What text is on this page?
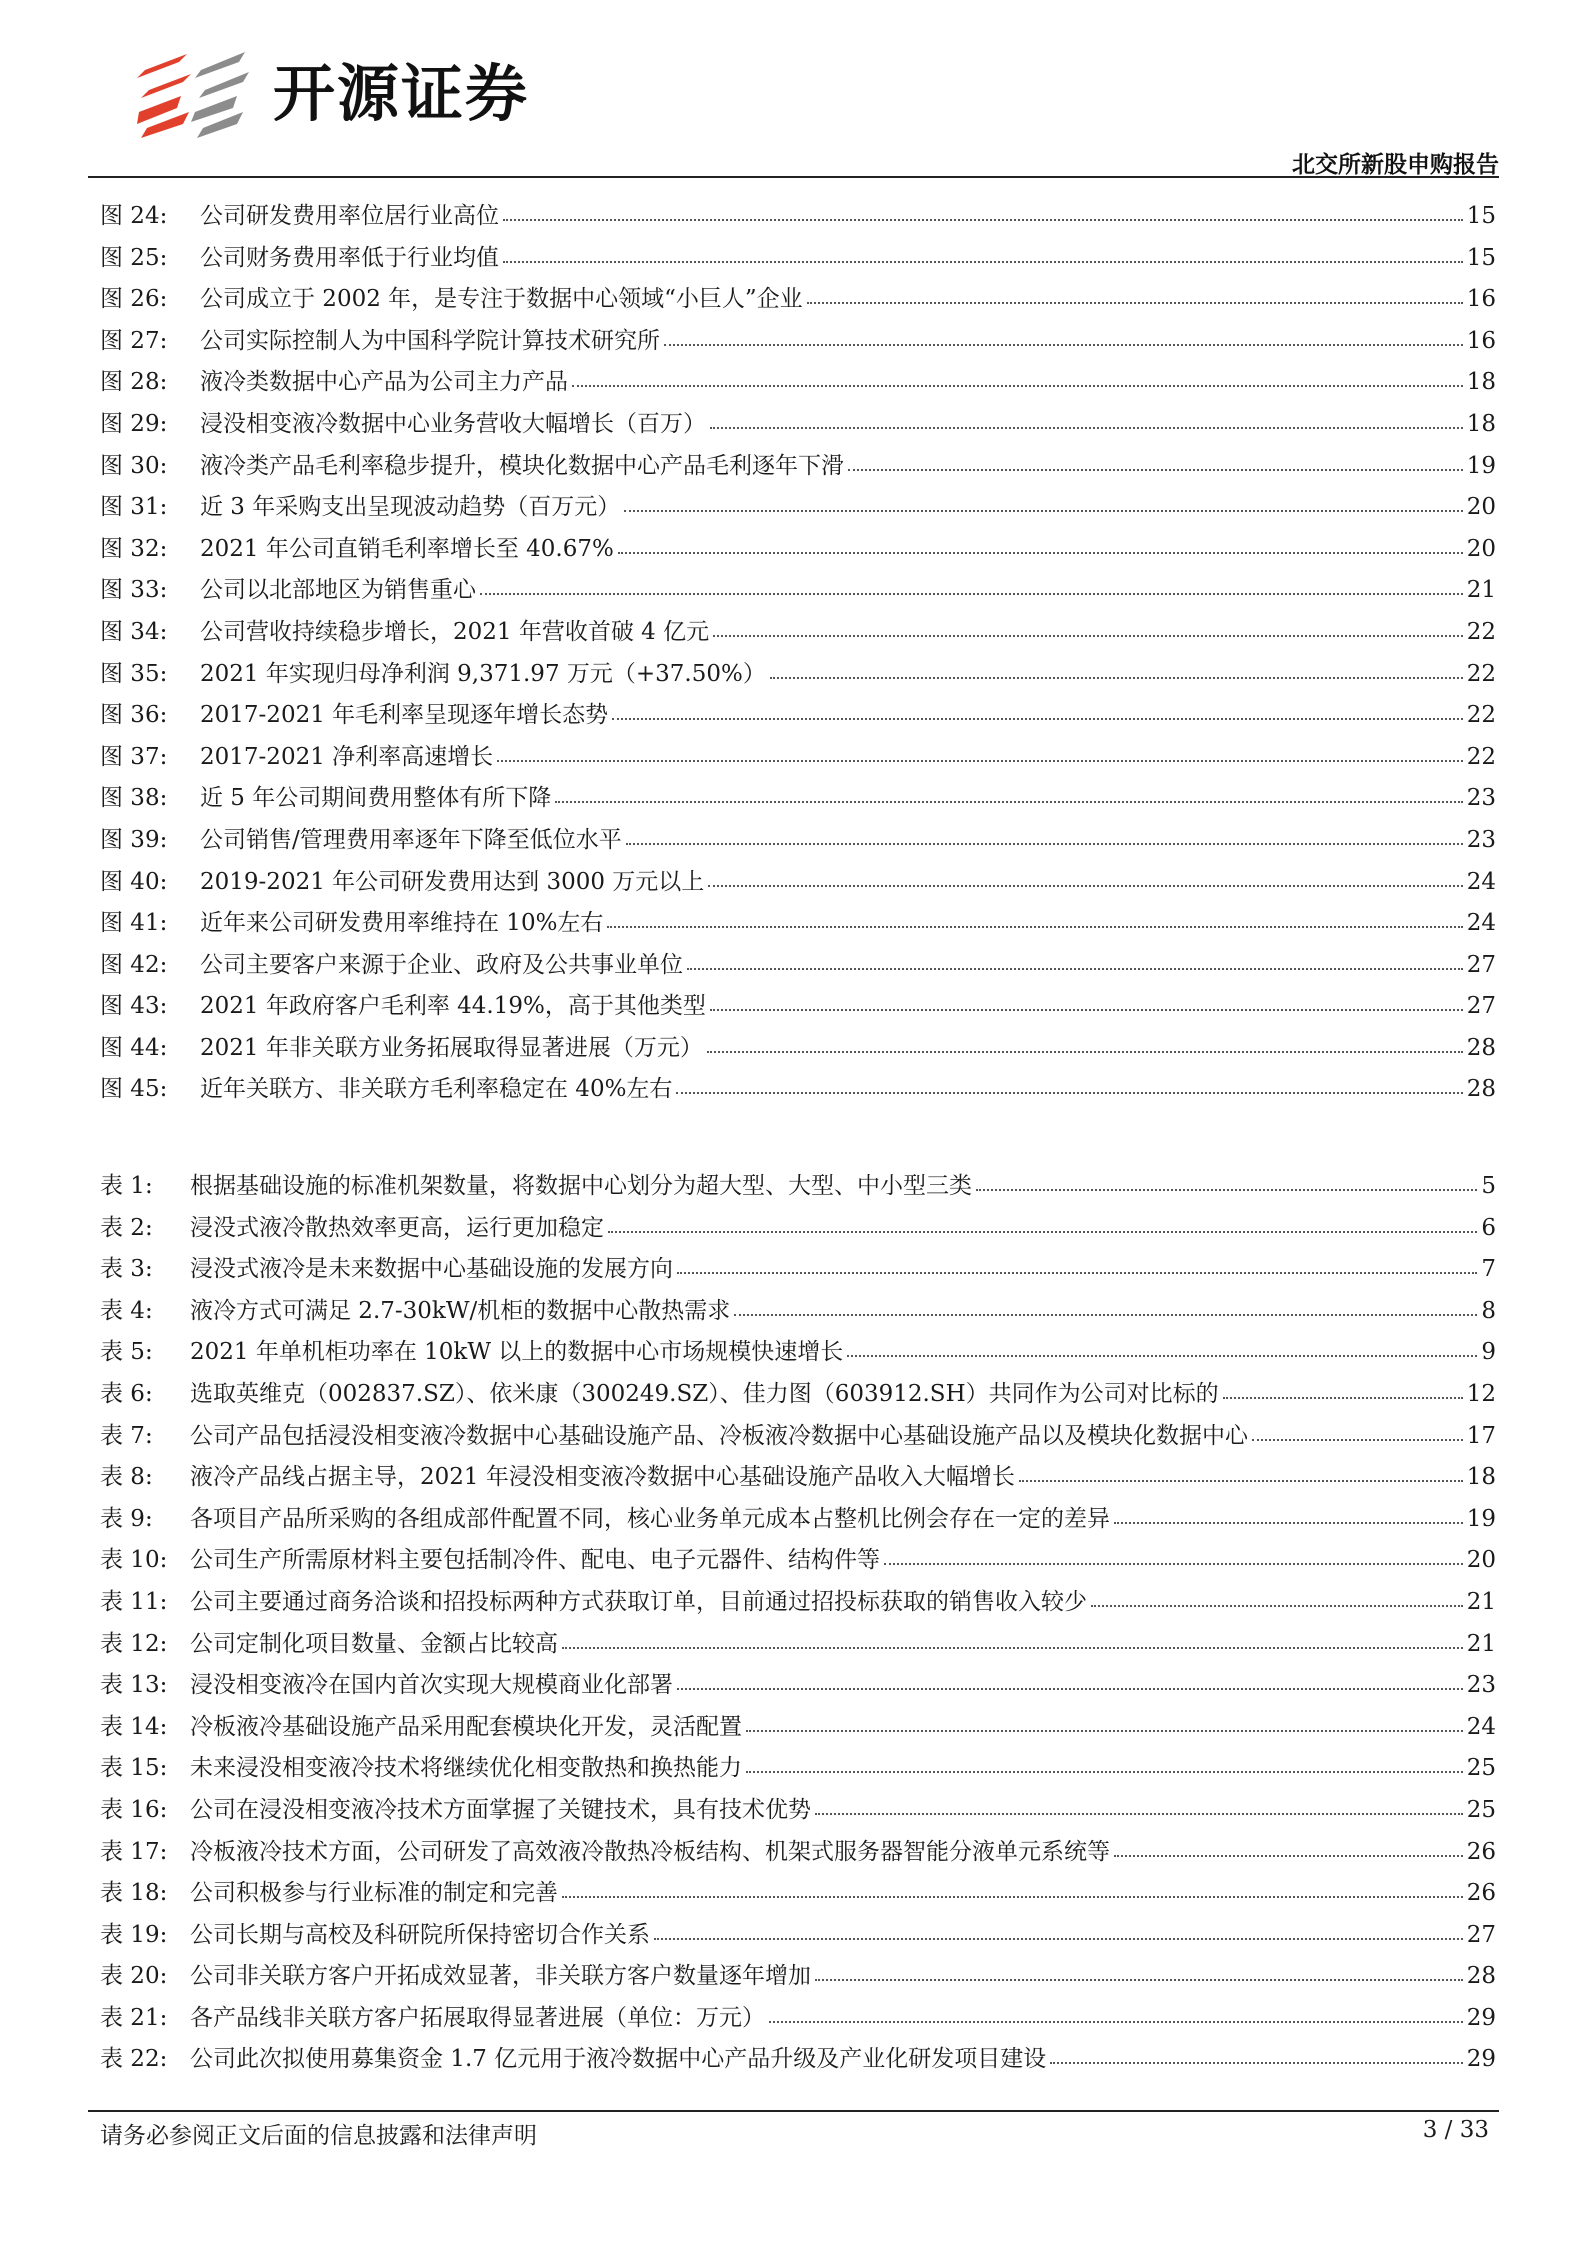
开源证券
北交所新股申购报告
图 24:	公司研发费用率位居行业高位	15
图 25:	公司财务费用率低于行业均值	15
图 26:	公司成立于 2002 年，是专注于数据中心领域“小巨人”企业	16
图 27:	公司实际控制人为中国科学院计算技术研究所	16
图 28:	液冷类数据中心产品为公司主力产品	18
图 29:	浸没相变液冷数据中心业务营收大幅增长（百万）	18
图 30:	液冷类产品毛利率稳步提升，模块化数据中心产品毛利逐年下滑	19
图 31:	近 3 年采购支出呈现波动趋势（百万元）	20
图 32:	2021 年公司直销毛利率增长至 40.67%	20
图 33:	公司以北部地区为销售重心	21
图 34:	公司营收持续稳步增长，2021 年营收首破 4 亿元	22
图 35:	2021 年实现归母净利润 9,371.97 万元（+37.50%）	22
图 36:	2017-2021 年毛利率呈现逐年增长态势	22
图 37:	2017-2021 净利率高速增长	22
图 38:	近 5 年公司期间费用整体有所下降	23
图 39:	公司销售/管理费用率逐年下降至低位水平	23
图 40:	2019-2021 年公司研发费用达到 3000 万元以上	24
图 41:	近年来公司研发费用率维持在 10%左右	24
图 42:	公司主要客户来源于企业、政府及公共事业单位	27
图 43:	2021 年政府客户毛利率 44.19%，高于其他类型	27
图 44:	2021 年非关联方业务拓展取得显著进展（万元）	28
图 45:	近年关联方、非关联方毛利率稳定在 40%左右	28
表 1:	根据基础设施的标准机架数量，将数据中心划分为超大型、大型、中小型三类	5
表 2:	浸没式液冷散热效率更高，运行更加稳定	6
表 3:	浸没式液冷是未来数据中心基础设施的发展方向	7
表 4:	液冷方式可满足 2.7-30kW/机柜的数据中心散热需求	8
表 5:	2021 年单机柜功率在 10kW 以上的数据中心市场规模快速增长	9
表 6:	选取英维克（002837.SZ）、依米康（300249.SZ）、佳力图（603912.SH）共同作为公司对比标的	12
表 7:	公司产品包括浸没相变液冷数据中心基础设施产品、冷板液冷数据中心基础设施产品以及模块化数据中心	17
表 8:	液冷产品线占据主导，2021 年浸没相变液冷数据中心基础设施产品收入大幅增长	18
表 9:	各项目产品所采购的各组成部件配置不同，核心业务单元成本占整机比例会存在一定的差异	19
表 10: 公司生产所需原材料主要包括制冷件、配电、电子元器件、结构件等	20
表 11: 公司主要通过商务洽谈和招投标两种方式获取订单，目前通过招投标获取的销售收入较少	21
表 12: 公司定制化项目数量、金额占比较高	21
表 13: 浸没相变液冷在国内首次实现大规模商业化部署	23
表 14: 冷板液冷基础设施产品采用配套模块化开发，灵活配置	24
表 15: 未来浸没相变液冷技术将继续优化相变散热和换热能力	25
表 16: 公司在浸没相变液冷技术方面掌握了关键技术，具有技术优势	25
表 17: 冷板液冷技术方面，公司研发了高效液冷散热冷板结构、机架式服务器智能分液单元系统等	26
表 18: 公司积极参与行业标准的制定和完善	26
表 19: 公司长期与高校及科研院所保持密切合作关系	27
表 20: 公司非关联方客户开拓成效显著，非关联方客户数量逐年增加	28
表 21: 各产品线非关联方客户拓展取得显著进展（单位：万元）	29
表 22: 公司此次拟使用募集资金 1.7 亿元用于液冷数据中心产品升级及产业化研发项目建设	29
请务必参阅正文后面的信息披露和法律声明	3 / 33
